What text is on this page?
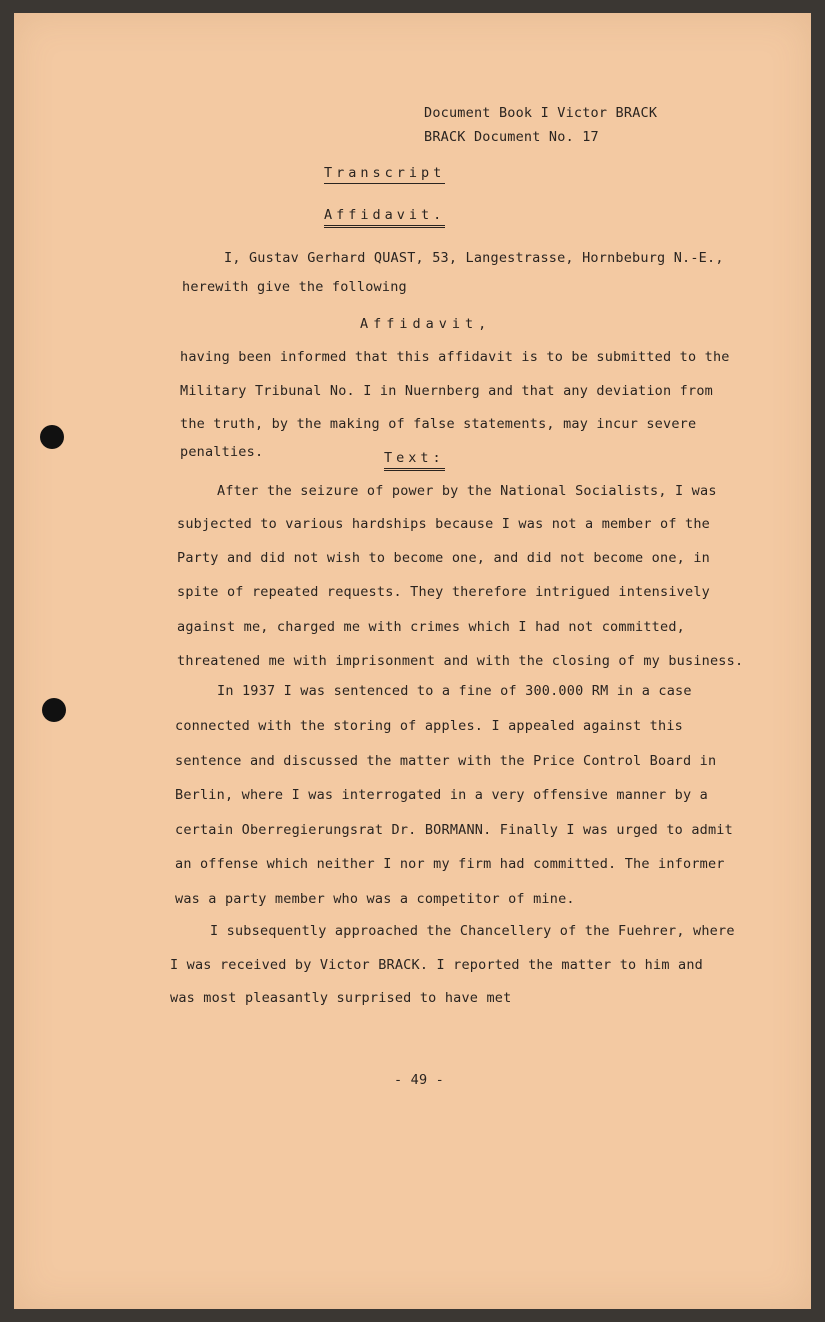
Document Book I Victor BRACK
BRACK Document No. 17
Transcript
Affidavit.
I, Gustav Gerhard QUAST, 53, Langestrasse, Hornbeburg N.-E.,
herewith give the following
Affidavit,
having been informed that this affidavit is to be submitted to the
Military Tribunal No. I in Nuernberg and that any deviation from
the truth, by the making of false statements, may incur severe
penalties.	Text:
After the seizure of power by the National Socialists, I was
subjected to various hardships because I was not a member of the
Party and did not wish to become one, and did not become one, in
spite of repeated requests. They therefore intrigued intensively
against me, charged me with crimes which I had not committed,
threatened me with imprisonment and with the closing of my business.
In 1937 I was sentenced to a fine of 300.000 RM in a case
connected with the storing of apples. I appealed against this
sentence and discussed the matter with the Price Control Board in
Berlin, where I was interrogated in a very offensive manner by a
certain Oberregierungsrat Dr. BORMANN. Finally I was urged to admit
an offense which neither I nor my firm had committed. The informer
was a party member who was a competitor of mine.
I subsequently approached the Chancellery of the Fuehrer, where
I was received by Victor BRACK. I reported the matter to him and
was most pleasantly surprised to have met
- 49 -
